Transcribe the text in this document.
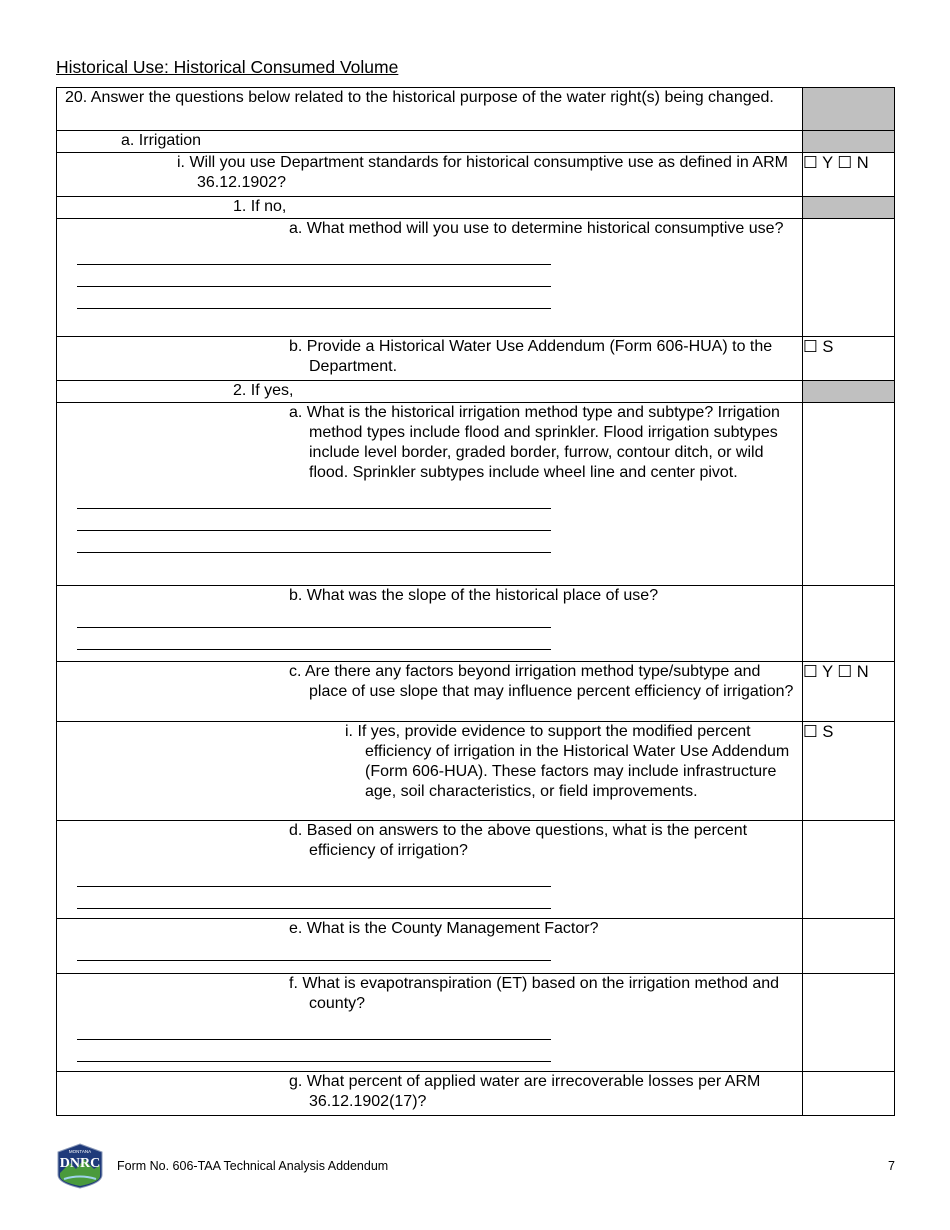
Historical Use: Historical Consumed Volume
20. Answer the questions below related to the historical purpose of the water right(s) being changed.	

a. Irrigation	

i. Will you use Department standards for historical consumptive use as defined in ARM 36.12.1902?	☐ Y ☐ N

1. If no,	

a. What method will you use to determine historical consumptive use?	

b. Provide a Historical Water Use Addendum (Form 606-HUA) to the Department.	☐ S

2. If yes,	

a. What is the historical irrigation method type and subtype? Irrigation method types include flood and sprinkler. Flood irrigation subtypes include level border, graded border, furrow, contour ditch, or wild flood. Sprinkler subtypes include wheel line and center pivot.	

b. What was the slope of the historical place of use?	

c. Are there any factors beyond irrigation method type/subtype and place of use slope that may influence percent efficiency of irrigation?	☐ Y ☐ N

i. If yes, provide evidence to support the modified percent efficiency of irrigation in the Historical Water Use Addendum (Form 606-HUA). These factors may include infrastructure age, soil characteristics, or field improvements.	☐ S

d. Based on answers to the above questions, what is the percent efficiency of irrigation?	

e. What is the County Management Factor?	

f. What is evapotranspiration (ET) based on the irrigation method and county?	

g. What percent of applied water are irrecoverable losses per ARM 36.12.1902(17)?	

MONTANA
DNRC Form No. 606-TAA Technical Analysis Addendum	7
